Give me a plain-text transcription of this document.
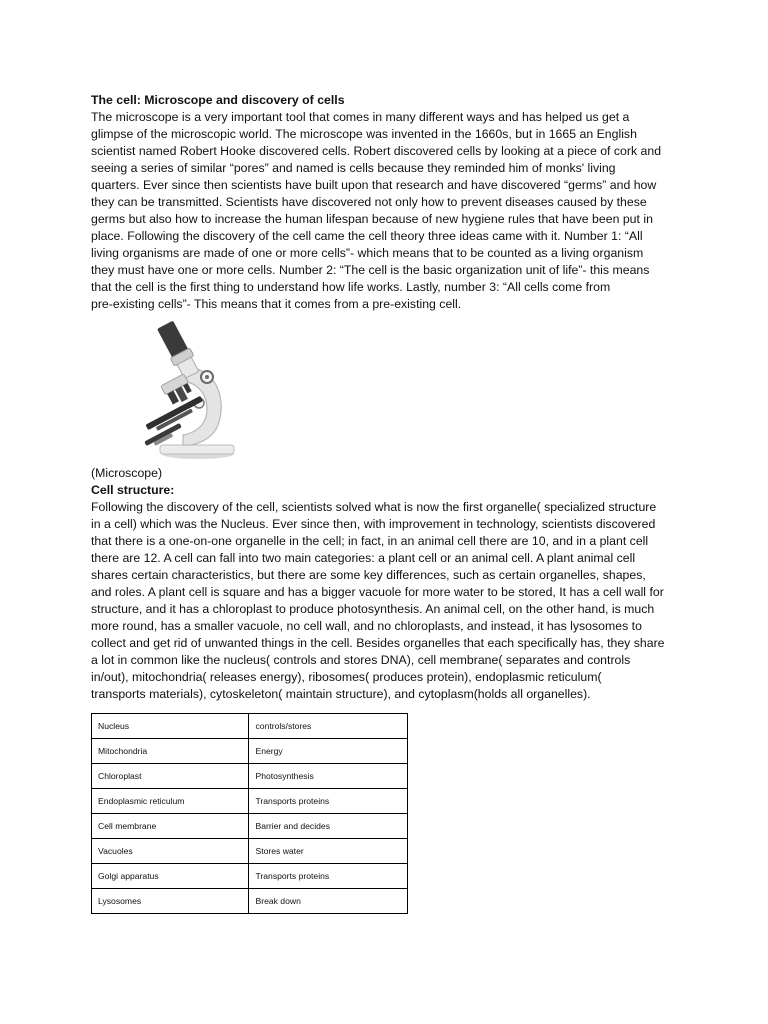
The cell: Microscope and discovery of cells

The microscope is a very important tool that comes in many different ways and has helped us get a
glimpse of the microscopic world. The microscope was invented in the 1660s, but in 1665 an English
scientist named Robert Hooke discovered cells. Robert discovered cells by looking at a piece of cork and
seeing a series of similar “pores” and named is cells because they reminded him of monks' living
quarters. Ever since then scientists have built upon that research and have discovered “germs” and how
they can be transmitted. Scientists have discovered not only how to prevent diseases caused by these
germs but also how to increase the human lifespan because of new hygiene rules that have been put in
place. Following the discovery of the cell came the cell theory three ideas came with it. Number 1: “All
living organisms are made of one or more cells”- which means that to be counted as a living organism
they must have one or more cells. Number 2: “The cell is the basic organization unit of life”- this means
that the cell is the first thing to understand how life works. Lastly, number 3: “All cells come from
pre-existing cells”- This means that it comes from a pre-existing cell.

(Microscope)

Cell structure:

Following the discovery of the cell, scientists solved what is now the first organelle( specialized structure
in a cell) which was the Nucleus. Ever since then, with improvement in technology, scientists discovered
that there is a one-on-one organelle in the cell; in fact, in an animal cell there are 10, and in a plant cell
there are 12. A cell can fall into two main categories: a plant cell or an animal cell. A plant animal cell
shares certain characteristics, but there are some key differences, such as certain organelles, shapes,
and roles. A plant cell is square and has a bigger vacuole for more water to be stored, It has a cell wall for
structure, and it has a chloroplast to produce photosynthesis. An animal cell, on the other hand, is much
more round, has a smaller vacuole, no cell wall, and no chloroplasts, and instead, it has lysosomes to
collect and get rid of unwanted things in the cell. Besides organelles that each specifically has, they share
a lot in common like the nucleus( controls and stores DNA), cell membrane( separates and controls
in/out), mitochondria( releases energy), ribosomes( produces protein), endoplasmic reticulum(
transports materials), cytoskeleton( maintain structure), and cytoplasm(holds all organelles).

Nucleus	controls/stores
Mitochondria	Energy
Chloroplast	Photosynthesis
Endoplasmic reticulum	Transports proteins
Cell membrane	Barrier and decides
Vacuoles	Stores water
Golgi apparatus	Transports proteins
Lysosomes	Break down
